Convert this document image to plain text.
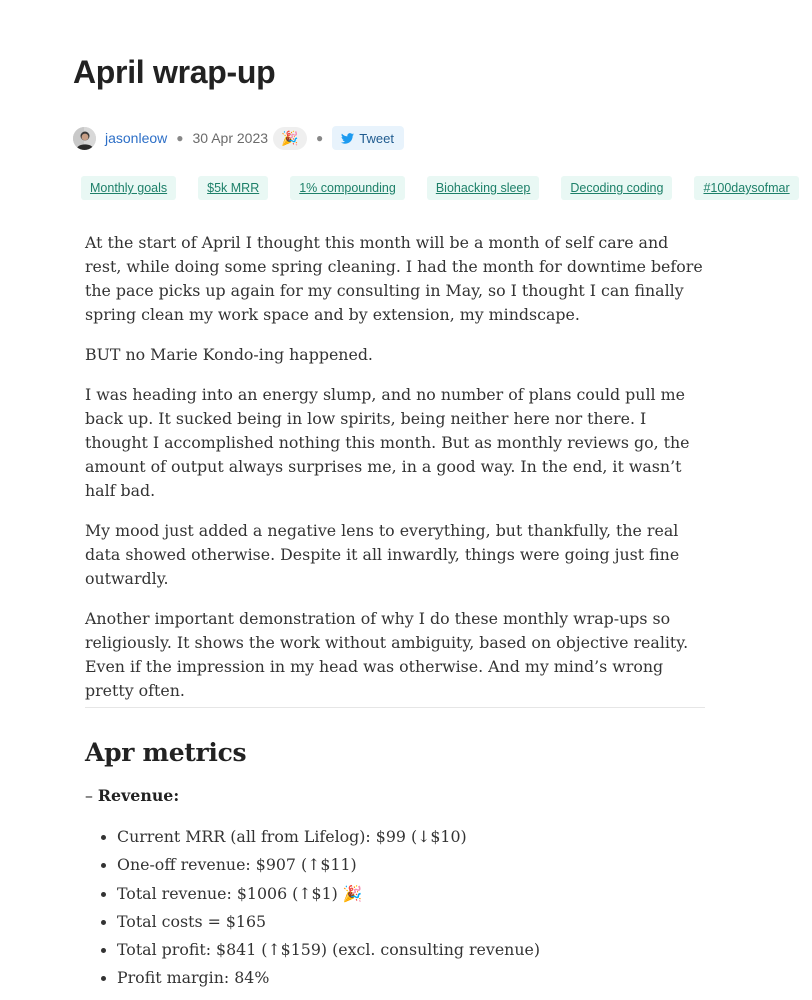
April wrap-up
jasonleow ● 30 Apr 2023 🎉 ●	Tweet
Monthly goals	$5k MRR	1% compounding	Biohacking sleep	Decoding coding	#100daysofmar

At the start of April I thought this month will be a month of self care and rest, while doing some spring cleaning. I had the month for downtime before the pace picks up again for my consulting in May, so I thought I can finally spring clean my work space and by extension, my mindscape.

BUT no Marie Kondo-ing happened.

I was heading into an energy slump, and no number of plans could pull me back up. It sucked being in low spirits, being neither here nor there. I thought I accomplished nothing this month. But as monthly reviews go, the amount of output always surprises me, in a good way. In the end, it wasn’t half bad.

My mood just added a negative lens to everything, but thankfully, the real data showed otherwise. Despite it all inwardly, things were going just fine outwardly.

Another important demonstration of why I do these monthly wrap-ups so religiously. It shows the work without ambiguity, based on objective reality. Even if the impression in my head was otherwise. And my mind’s wrong pretty often.

Apr metrics
– Revenue:
Current MRR (all from Lifelog): $99 (↓$10)
One-off revenue: $907 (↑$11)
Total revenue: $1006 (↑$1) 🎉
Total costs = $165
Total profit: $841 (↑$159) (excl. consulting revenue)
Profit margin: 84%
